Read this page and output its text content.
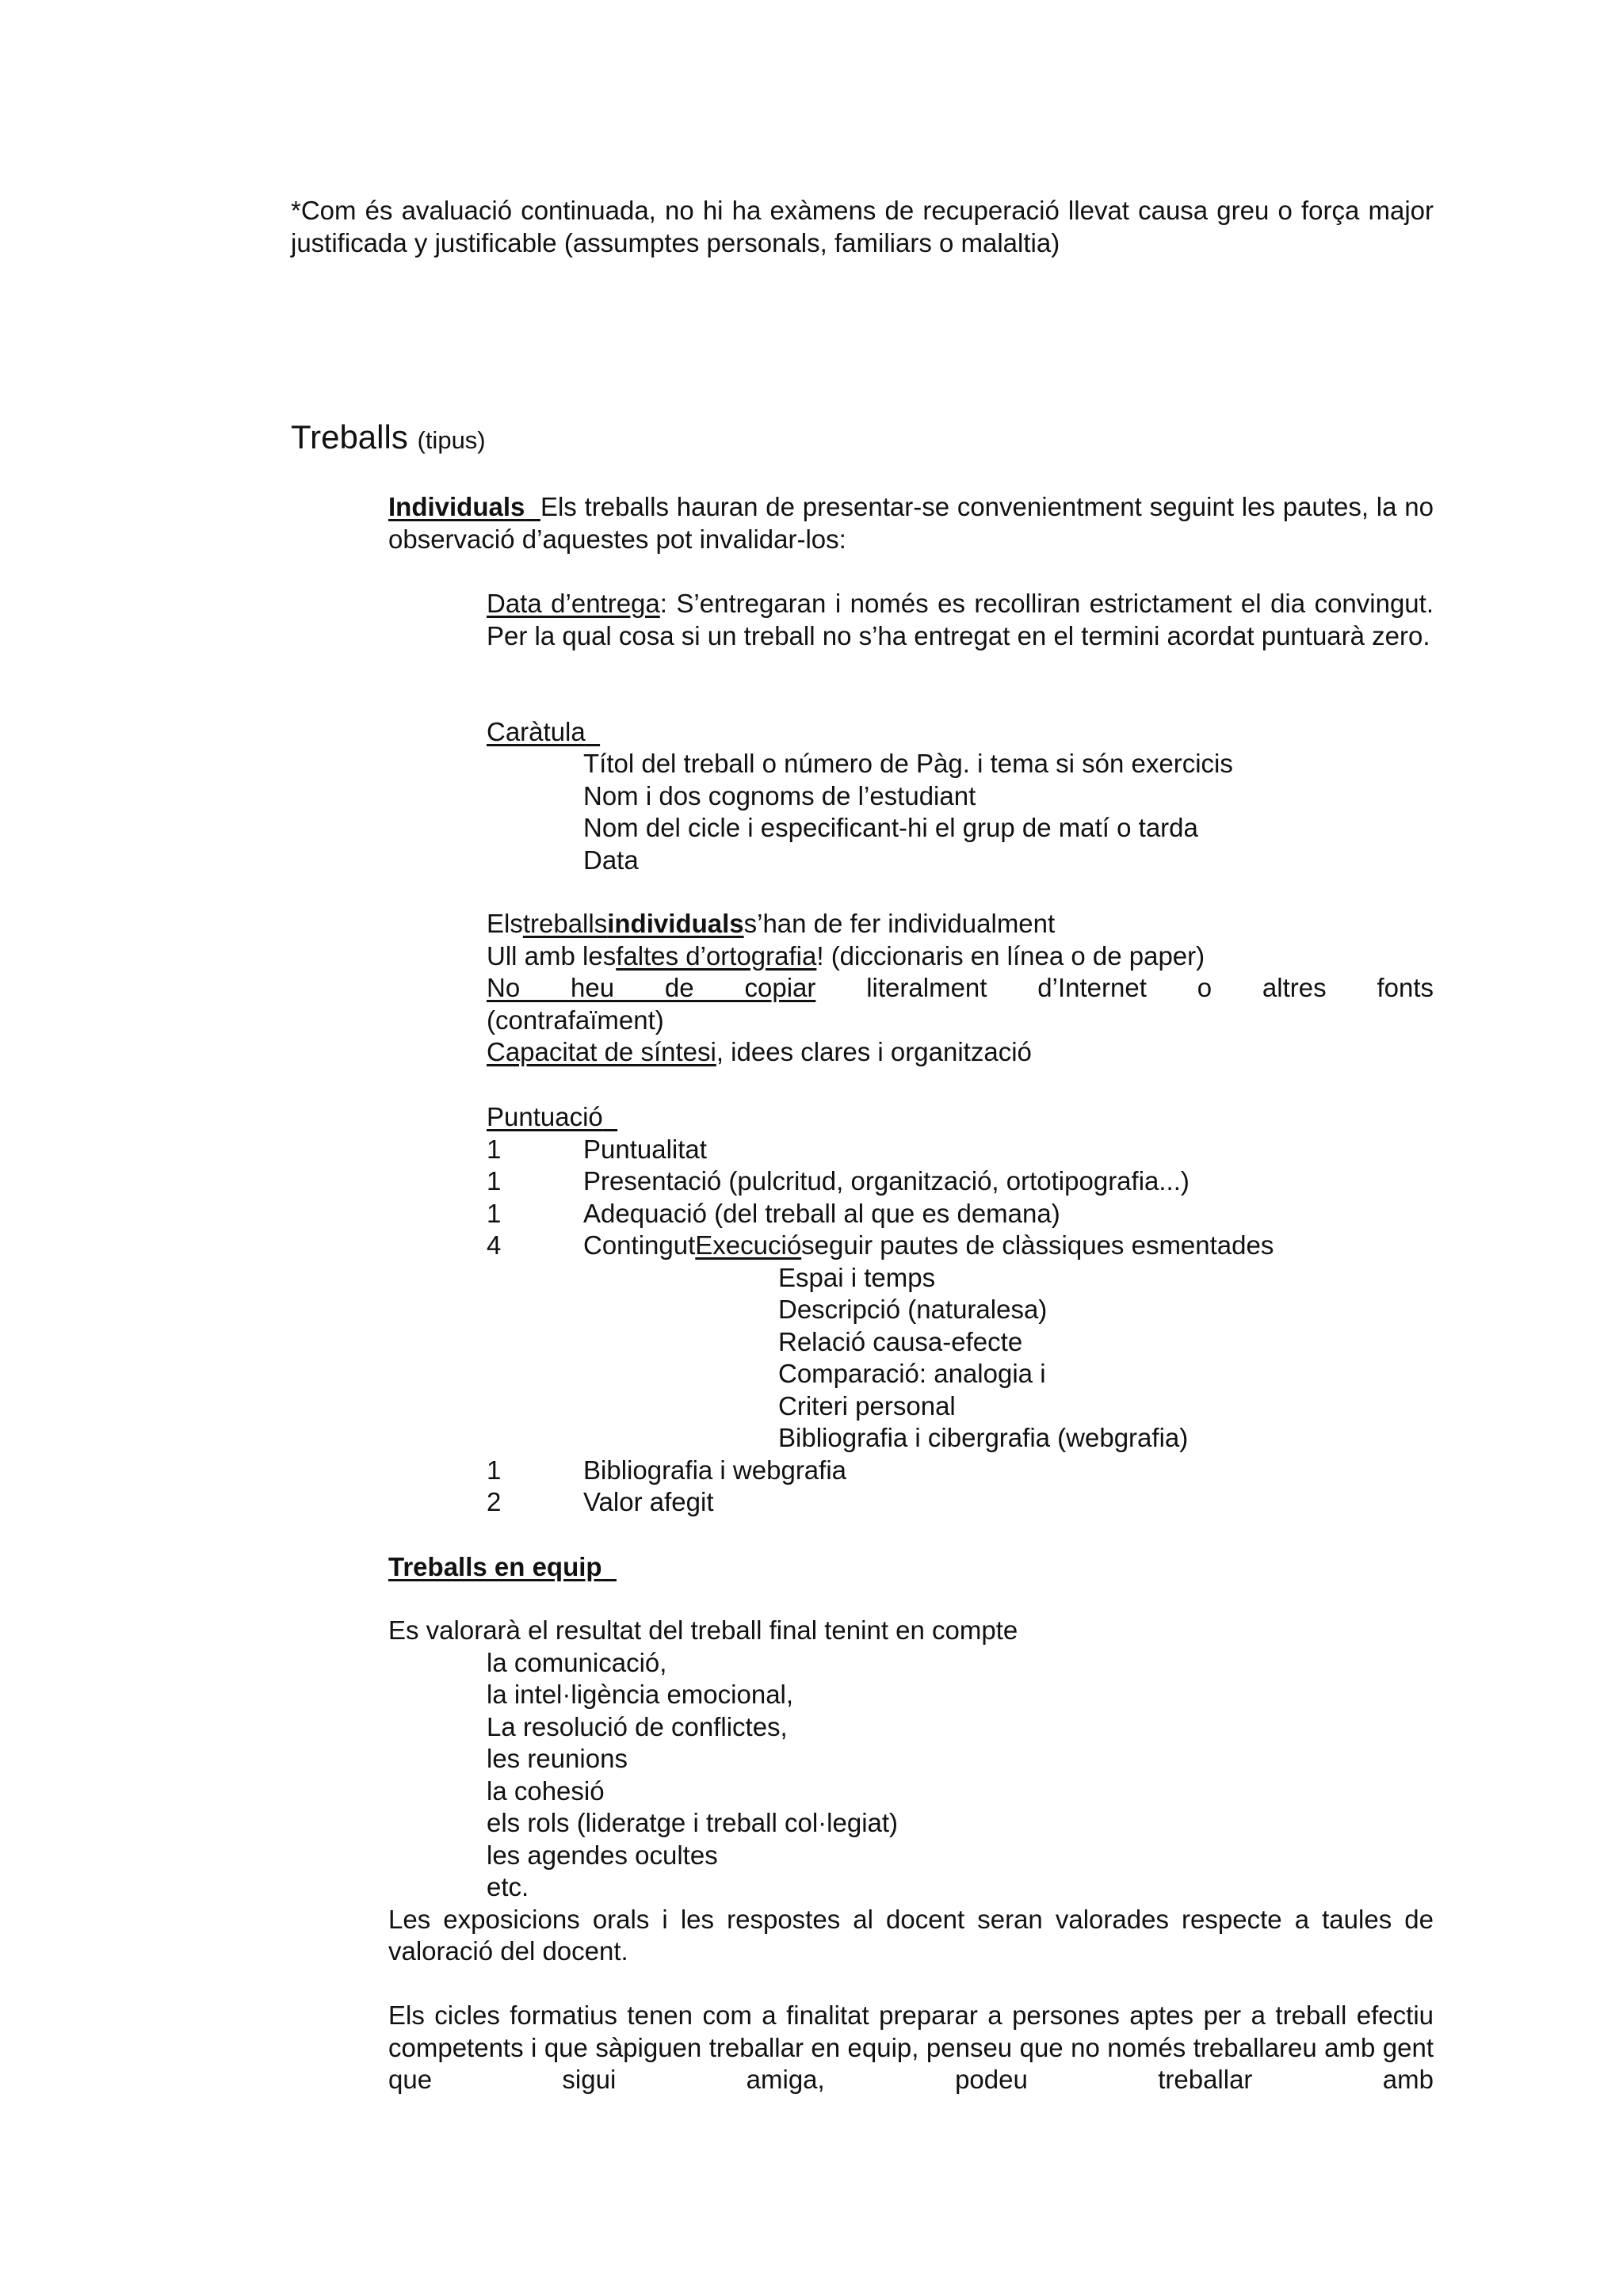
*Com és avaluació continuada, no hi ha exàmens de recuperació llevat causa greu o força major justificada y justificable (assumptes personals, familiars o malaltia)
Treballs (tipus)
Individuals Els treballs hauran de presentar-se convenientment seguint les pautes, la no observació d’aquestes pot invalidar-los:
Data d’entrega: S’entregaran i només es recolliran estrictament el dia convingut. Per la qual cosa si un treball no s’ha entregat en el termini acordat puntuarà zero.
Caràtula
Títol del treball o número de Pàg. i tema si són exercicis
Nom i dos cognoms de l’estudiant
Nom del cicle i especificant-hi el grup de matí o tarda
Data
Elstreballsindividualss’han de fer individualment
Ull amb lesfaltes d’ortografia! (diccionaris en línea o de paper)
No heu de copiar literalment d’Internet o altres fonts
(contrafaïment)
Capacitat de síntesi, idees clares i organització
Puntuació
1	Puntualitat
1	Presentació (pulcritud, organització, ortotipografia...)
1	Adequació (del treball al que es demana)
4	ContingutExecucióseguir pautes de clàssiques esmentades
Espai i temps
Descripció (naturalesa)
Relació causa-efecte
Comparació: analogia i
Criteri personal
Bibliografia i cibergrafia (webgrafia)
1	Bibliografia i webgrafia
2	Valor afegit
Treballs en equip
Es valorarà el resultat del treball final tenint en compte
la comunicació,
la intel·ligència emocional,
La resolució de conflictes,
les reunions
la cohesió
els rols (lideratge i treball col·legiat)
les agendes ocultes
etc.
Les exposicions orals i les respostes al docent seran valorades respecte a taules de valoració del docent.
Els cicles formatius tenen com a finalitat preparar a persones aptes per a treball efectiu competents i que sàpiguen treballar en equip, penseu que no només treballareu amb gent que sigui amiga, podeu treballar amb
